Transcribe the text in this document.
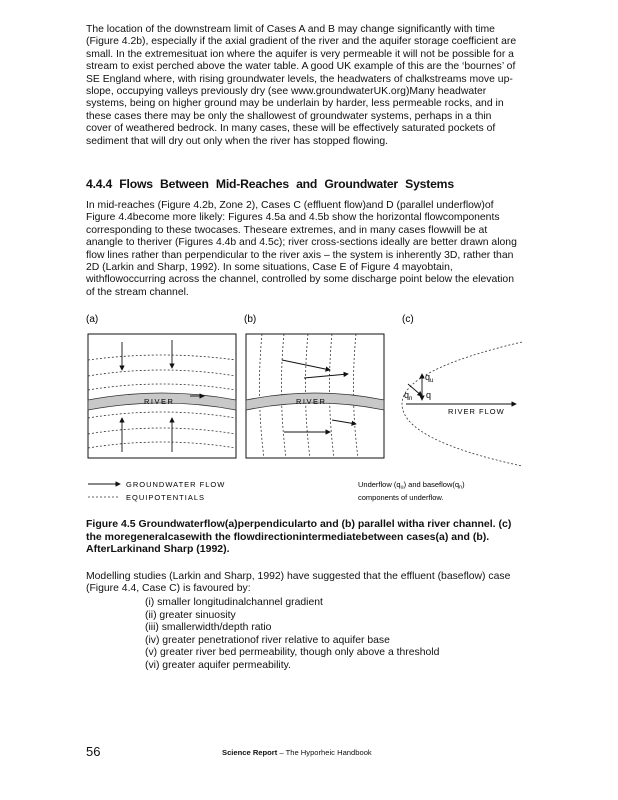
The location of the downstream limit of Cases A and B may change significantly with time (Figure 4.2b), especially if the axial gradient of the river and the aquifer storage coefficient are small. In the extremesituat ion where the aquifer is very permeable it will not be possible for a stream to exist perched above the water table. A good UK example of this are the ‘bournes’ of SE England where, with rising groundwater levels, the headwaters of chalkstreams move up-slope, occupying valleys previously dry (see www.groundwaterUK.org)Many headwater systems, being on higher ground may be underlain by harder, less permeable rocks, and in these cases there may be only the shallowest of groundwater systems, perhaps in a thin cover of weathered bedrock. In many cases, these will be effectively saturated pockets of sediment that will dry out only when the river has stopped flowing.

4.4.4 Flows Between Mid-Reaches and Groundwater Systems

In mid-reaches (Figure 4.2b, Zone 2), Cases C (effluent flow)and D (parallel underflow)of Figure 4.4become more likely: Figures 4.5a and 4.5b show the horizontal flowcomponents corresponding to these twocases. Theseare extremes, and in many cases flowwill be at anangle to theriver (Figures 4.4b and 4.5c); river cross-sections ideally are better drawn along flow lines rather than perpendicular to the river axis – the system is inherently 3D, rather than 2D (Larkin and Sharp, 1992). In some situations, Case E of Figure 4 mayobtain, withflowoccurring across the channel, controlled by some discharge point below the elevation of the stream channel.

(a)
RIVER
(b)
RIVER
(c)
RIVER FLOW
$q_u$
$q_n$ q
GROUNDWATER FLOW
EQUIPOTENTIALS
Underflow $(q_u)$ and $baseflow(q_n)$
components of underflow.

Figure 4.5 Groundwaterflow(a)perpendicularto and (b) parallel witha river channel. (c) the moregeneralcasewith the flowdirectionintermediatebetween cases(a) and (b). AfterLarkinand Sharp (1992).

Modelling studies (Larkin and Sharp, 1992) have suggested that the effluent (baseflow) case (Figure 4.4, Case C) is favoured by:

(i) smaller longitudinalchannel gradient
(ii) greater sinuosity
(iii) smallerwidth/depth ratio
(iv) greater penetrationof river relative to aquifer base
(v) greater river bed permeability, though only above a threshold
(vi) greater aquifer permeability.
56	Science Report – The Hyporheic Handbook
